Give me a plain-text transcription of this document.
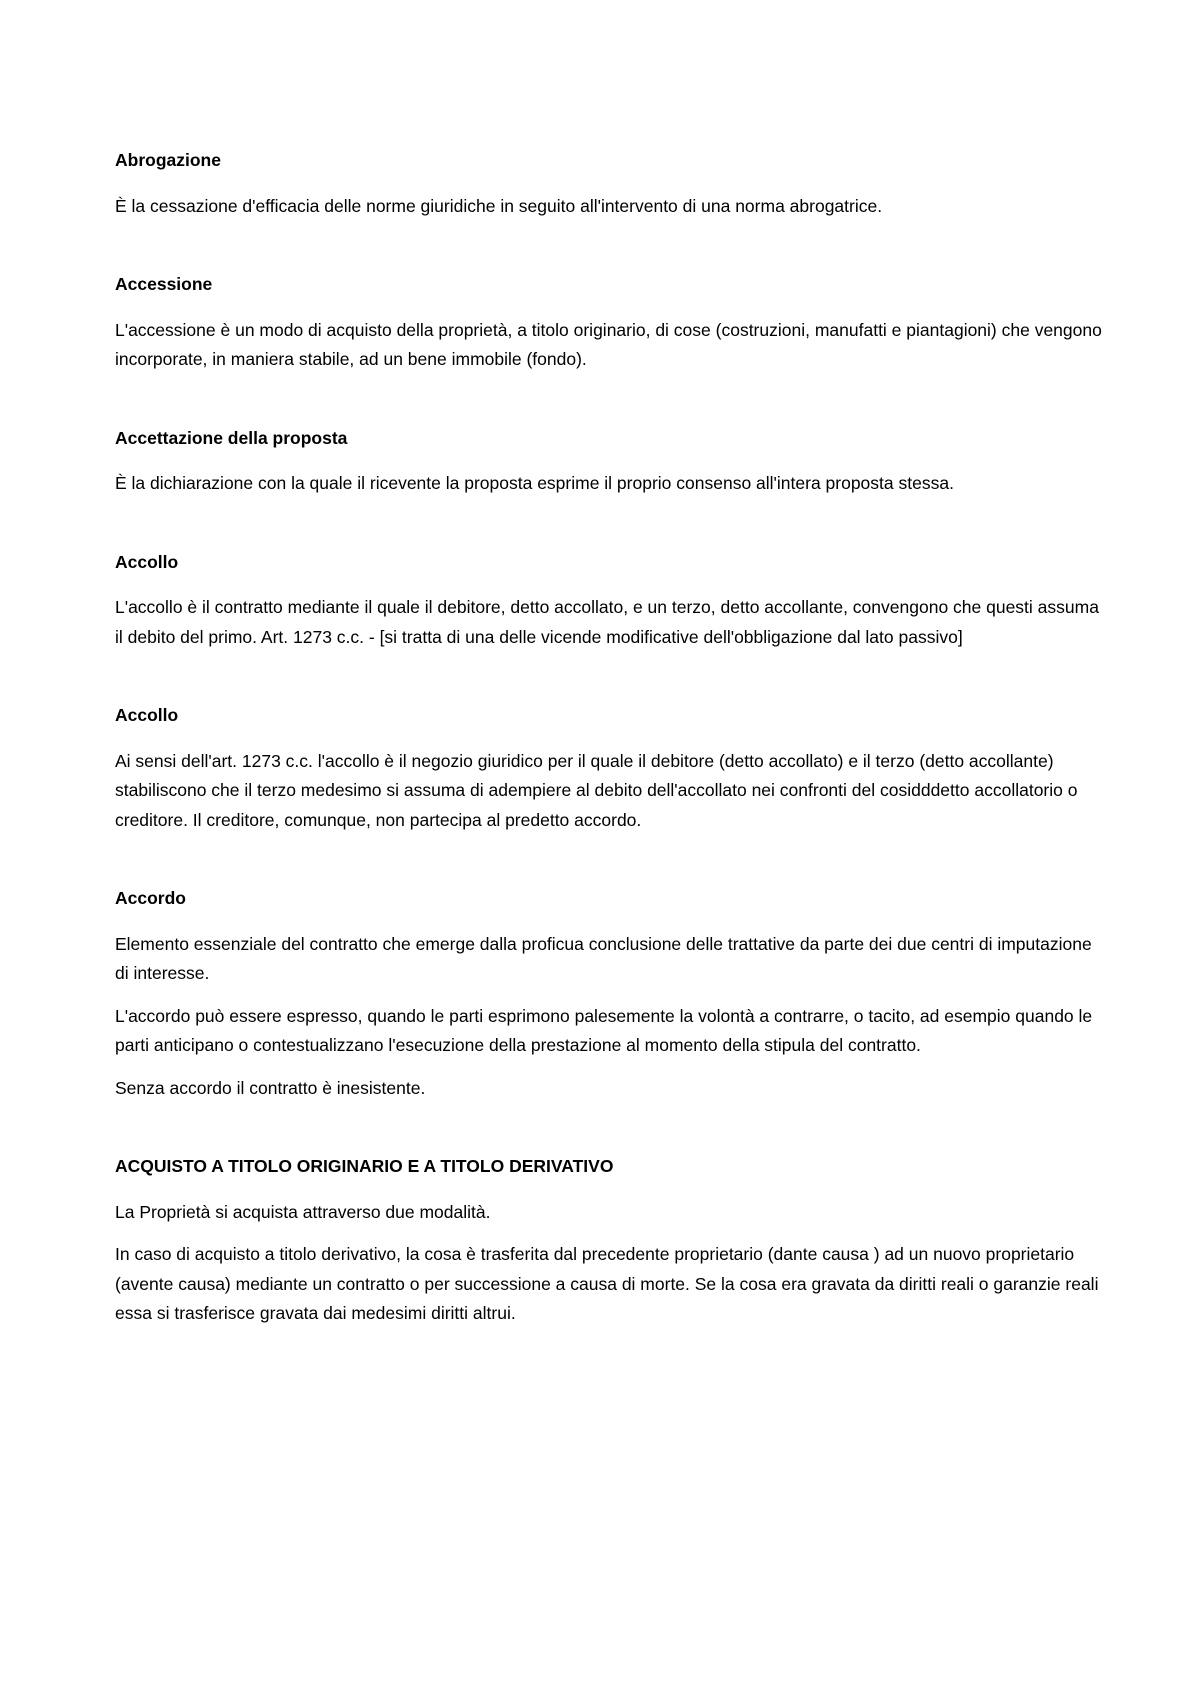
Abrogazione

È la cessazione d'efficacia delle norme giuridiche in seguito all'intervento di una norma abrogatrice.

Accessione

L'accessione è un modo di acquisto della proprietà, a titolo originario, di cose (costruzioni, manufatti e piantagioni) che vengono incorporate, in maniera stabile, ad un bene immobile (fondo).

Accettazione della proposta

È la dichiarazione con la quale il ricevente la proposta esprime il proprio consenso all'intera proposta stessa.

Accollo

L'accollo è il contratto mediante il quale il debitore, detto accollato, e un terzo, detto accollante, convengono che questi assuma il debito del primo. Art. 1273 c.c. - [si tratta di una delle vicende modificative dell'obbligazione dal lato passivo]

Accollo

Ai sensi dell'art. 1273 c.c. l'accollo è il negozio giuridico per il quale il debitore (detto accollato) e il terzo (detto accollante) stabiliscono che il terzo medesimo si assuma di adempiere al debito dell'accollato nei confronti del cosidddetto accollatorio o creditore. Il creditore, comunque, non partecipa al predetto accordo.

Accordo

Elemento essenziale del contratto che emerge dalla proficua conclusione delle trattative da parte dei due centri di imputazione di interesse.

L'accordo può essere espresso, quando le parti esprimono palesemente la volontà a contrarre, o tacito, ad esempio quando le parti anticipano o contestualizzano l'esecuzione della prestazione al momento della stipula del contratto.

Senza accordo il contratto è inesistente.

ACQUISTO A TITOLO ORIGINARIO E A TITOLO DERIVATIVO

La Proprietà si acquista attraverso due modalità.

In caso di acquisto a titolo derivativo, la cosa è trasferita dal precedente proprietario (dante causa ) ad un nuovo proprietario (avente causa) mediante un contratto o per successione a causa di morte. Se la cosa era gravata da diritti reali o garanzie reali essa si trasferisce gravata dai medesimi diritti altrui.
